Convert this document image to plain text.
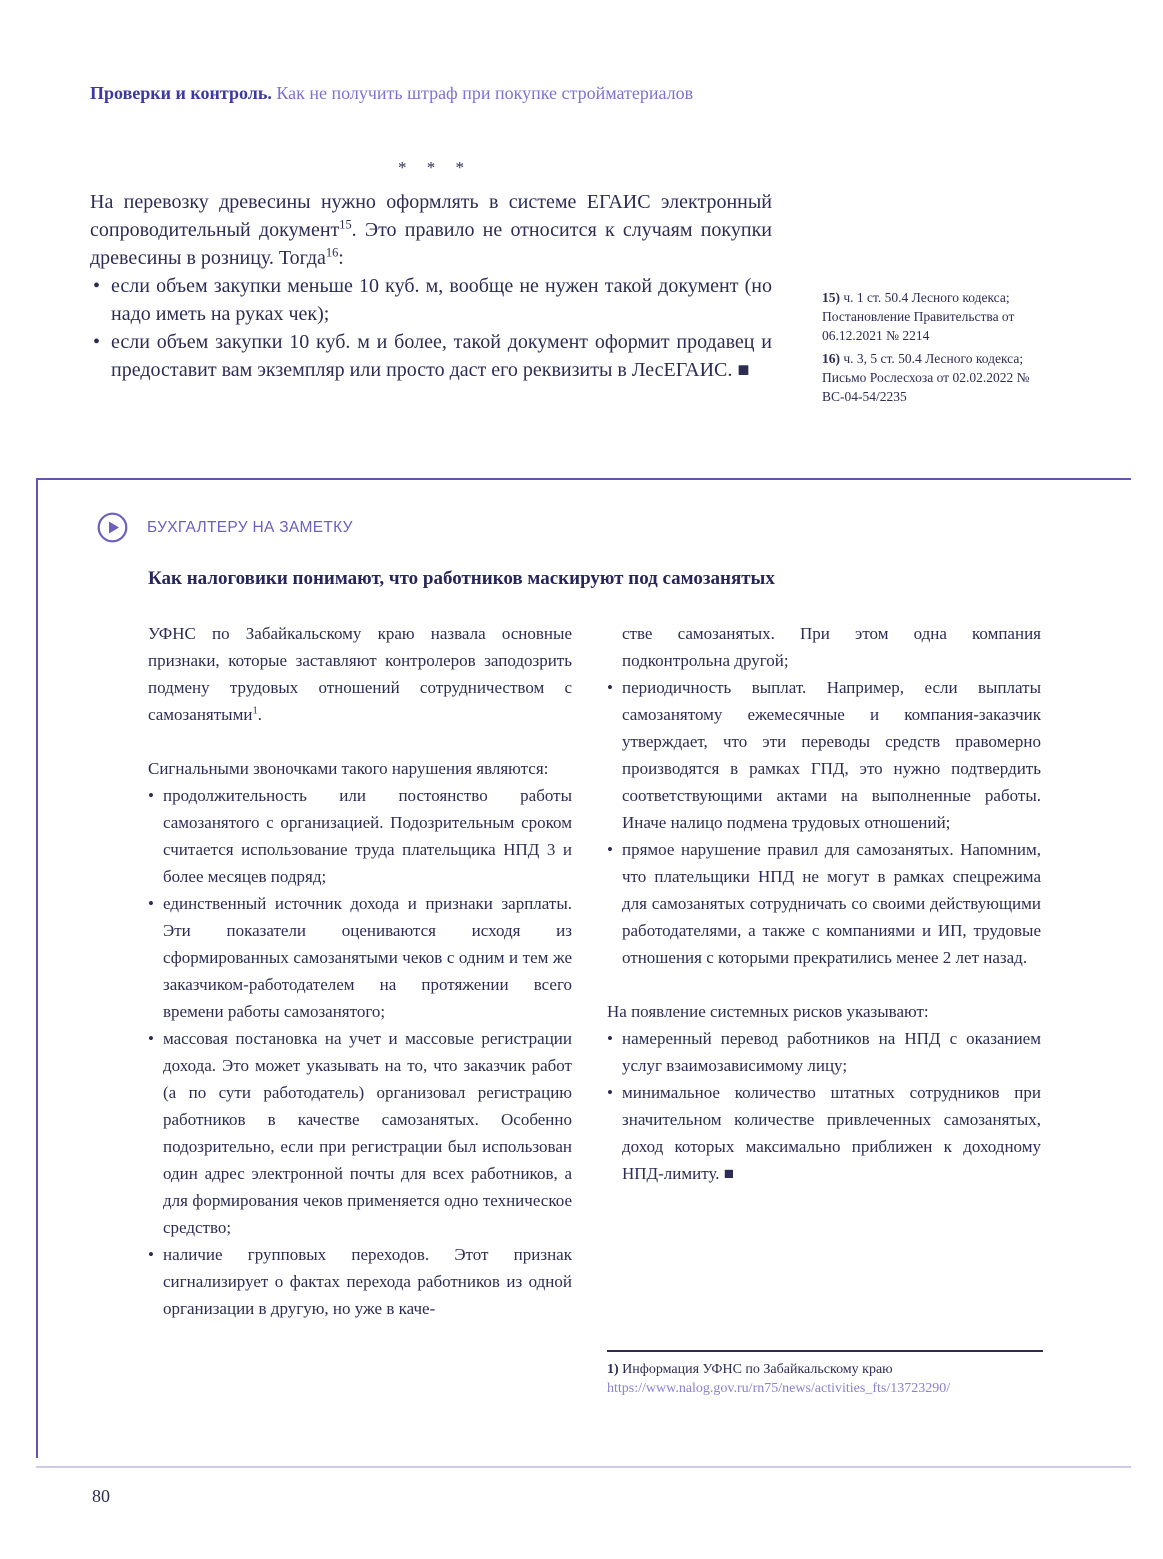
Проверки и контроль. Как не получить штраф при покупке стройматериалов
* * *

На перевозку древесины нужно оформлять в системе ЕГАИС электронный сопроводительный документ$^{15}$. Это правило не относится к случаям покупки древесины в розницу. Тогда$^{16}$:

• если объем закупки меньше 10 куб. м, вообще не нужен такой документ (но надо иметь на руках чек);
• если объем закупки 10 куб. м и более, такой документ оформит продавец и предоставит вам экземпляр или просто даст его реквизиты в ЛесЕГАИС. ■
15) ч. 1 ст. 50.4 Лесного кодекса; Постановление Правительства от 06.12.2021 № 2214
16) ч. 3, 5 ст. 50.4 Лесного кодекса; Письмо Рослесхоза от 02.02.2022 № ВС-04-54/2235
БУХГАЛТЕРУ НА ЗАМЕТКУ
Как налоговики понимают, что работников маскируют под самозанятых

УФНС по Забайкальскому краю назвала основные признаки, которые заставляют контролеров заподозрить подмену трудовых отношений сотрудничеством с самозанятыми$^1$.

Сигнальными звоночками такого нарушения являются:

• продолжительность или постоянство работы самозанятого с организацией. Подозрительным сроком считается использование труда плательщика НПД 3 и более месяцев подряд;
• единственный источник дохода и признаки зарплаты. Эти показатели оцениваются исходя из сформированных самозанятыми чеков с одним и тем же заказчиком-работодателем на протяжении всего времени работы самозанятого;
• массовая постановка на учет и массовые регистрации дохода. Это может указывать на то, что заказчик работ (а по сути работодатель) организовал регистрацию работников в качестве самозанятых. Особенно подозрительно, если при регистрации был использован один адрес электронной почты для всех работников, а для формирования чеков применяется одно техническое средство;
• наличие групповых переходов. Этот признак сигнализирует о фактах перехода работников из одной организации в другую, но уже в каче-
стве самозанятых. При этом одна компания подконтрольна другой;
• периодичность выплат. Например, если выплаты самозанятому ежемесячные и компания-заказчик утверждает, что эти переводы средств правомерно производятся в рамках ГПД, это нужно подтвердить соответствующими актами на выполненные работы. Иначе налицо подмена трудовых отношений;
• прямое нарушение правил для самозанятых. Напомним, что плательщики НПД не могут в рамках спецрежима для самозанятых сотрудничать со своими действующими работодателями, а также с компаниями и ИП, трудовые отношения с которыми прекратились менее 2 лет назад.

На появление системных рисков указывают:

• намеренный перевод работников на НПД с оказанием услуг взаимозависимому лицу;
• минимальное количество штатных сотрудников при значительном количестве привлеченных самозанятых, доход которых максимально приближен к доходному НПД-лимиту. ■
1) Информация УФНС по Забайкальскому краю
https://www.nalog.gov.ru/rn75/news/activities_fts/13723290/
80
